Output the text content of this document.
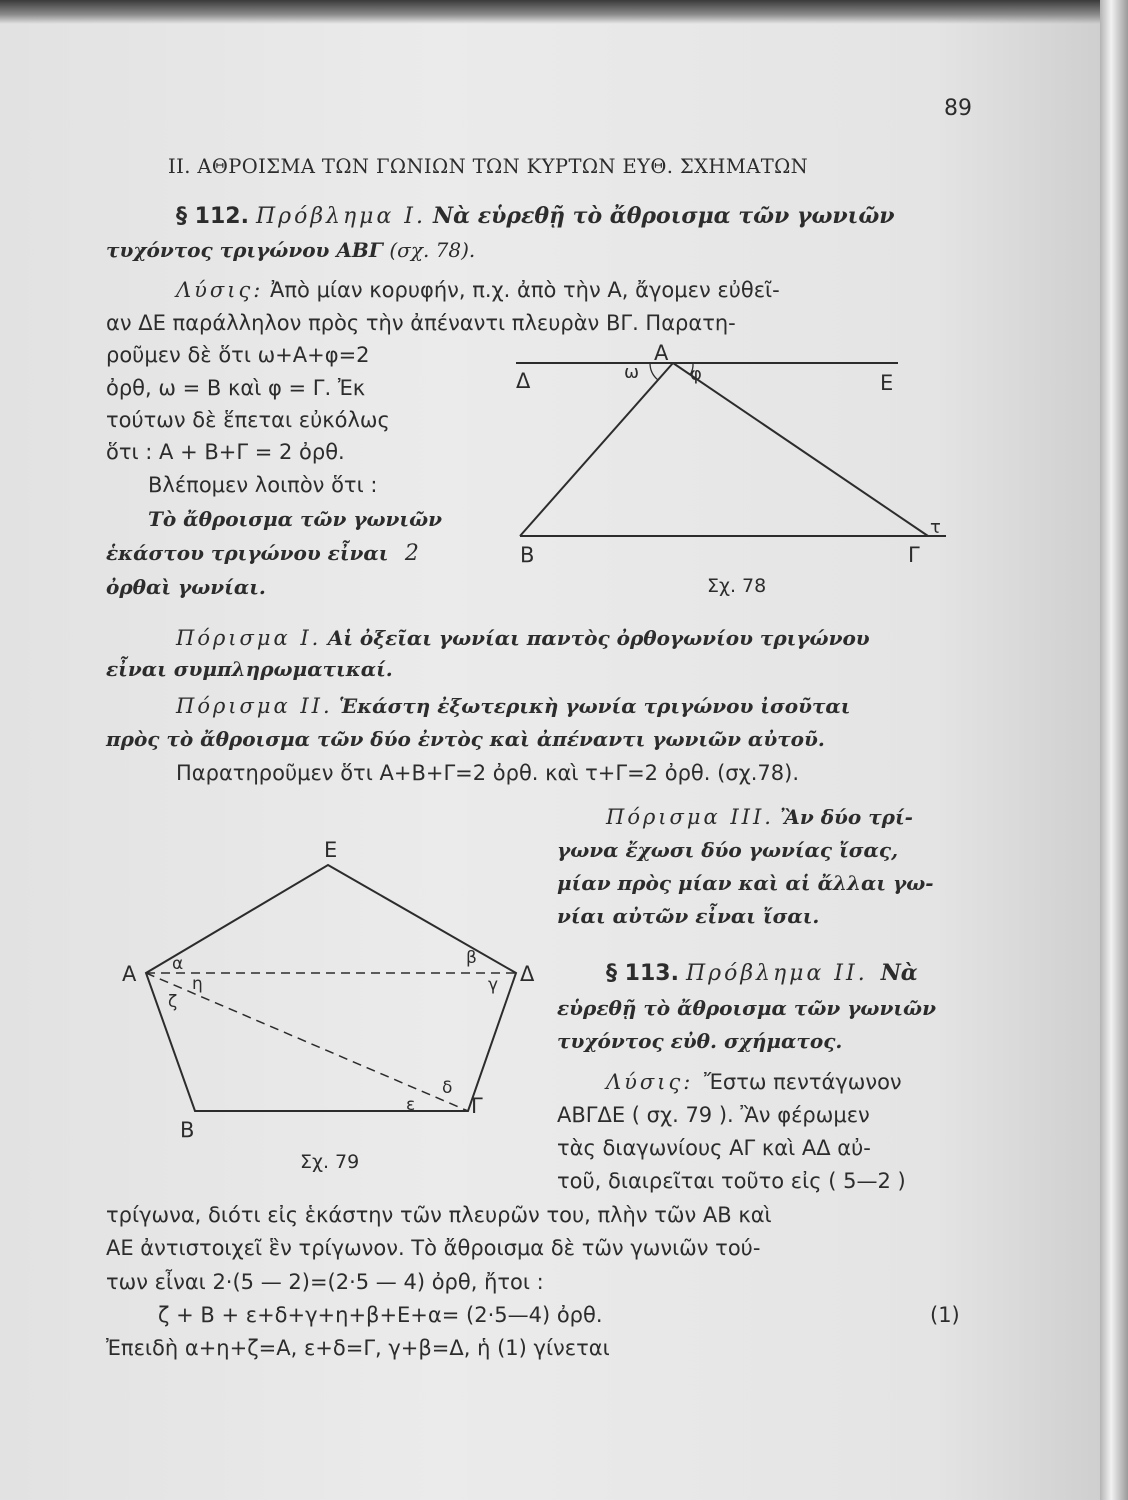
89
ΙΙ. ΑΘΡΟΙΣΜΑ ΤΩΝ ΓΩΝΙΩΝ ΤΩΝ ΚΥΡΤΩΝ ΕΥΘ. ΣΧΗΜΑΤΩΝ
§ 112. Πρόβλημα Ι. Νὰ εὑρεθῇ τὸ ἄθροισμα τῶν γωνιῶν
τυχόντος τριγώνου ΑΒΓ (σχ. 78).
Λύσις: Ἀπὸ μίαν κορυφήν, π.χ. ἀπὸ τὴν Α, ἄγομεν εὐθεῖ-
αν ΔΕ παράλληλον πρὸς τὴν ἀπέναντι πλευρὰν ΒΓ. Παρατη-
ροῦμεν δὲ ὅτι ω+Α+φ=2
ὀρθ, ω = Β καὶ φ = Γ. Ἐκ
τούτων δὲ ἕπεται εὐκόλως
ὅτι : Α + Β+Γ = 2 ὀρθ.
Βλέπομεν λοιπὸν ὅτι :
Τὸ ἄθροισμα τῶν γωνιῶν
ἑκάστου τριγώνου εἶναι 2
ὀρθαὶ γωνίαι.
Α
Δ	Ε
ω	φ
Β	Γ
τ
Σχ. 78
Πόρισμα Ι. Αἱ ὀξεῖαι γωνίαι παντὸς ὀρθογωνίου τριγώνου
εἶναι συμπληρωματικαί.
Πόρισμα ΙΙ. Ἑκάστη ἐξωτερικὴ γωνία τριγώνου ἰσοῦται
πρὸς τὸ ἄθροισμα τῶν δύο ἐντὸς καὶ ἀπέναντι γωνιῶν αὐτοῦ.
Παρατηροῦμεν ὅτι Α+Β+Γ=2 ὀρθ. καὶ τ+Γ=2 ὀρθ. (σχ.78).
Πόρισμα ΙΙΙ. Ἂν δύο τρί-
γωνα ἔχωσι δύο γωνίας ἴσας,
μίαν πρὸς μίαν καὶ αἱ ἄλλαι γω-
νίαι αὐτῶν εἶναι ἴσαι.
Ε
Α	Δ
Β
Γ
α
η
ζ
β
γ
ε
δ
Σχ. 79
§ 113. Πρόβλημα ΙΙ. Νὰ
εὑρεθῇ τὸ ἄθροισμα τῶν γωνιῶν
τυχόντος εὐθ. σχήματος.
Λύσις: Ἔστω πεντάγωνον
ΑΒΓΔΕ ( σχ. 79 ). Ἂν φέρωμεν
τὰς διαγωνίους ΑΓ καὶ ΑΔ αὐ-
τοῦ, διαιρεῖται τοῦτο εἰς ( 5—2 )
τρίγωνα, διότι εἰς ἑκάστην τῶν πλευρῶν του, πλὴν τῶν ΑΒ καὶ
ΑΕ ἀντιστοιχεῖ ἓν τρίγωνον. Τὸ ἄθροισμα δὲ τῶν γωνιῶν τού-
των εἶναι 2·(5 — 2)=(2·5 — 4) ὀρθ, ἤτοι :
ζ + Β + ε+δ+γ+η+β+Ε+α= (2·5—4) ὀρθ.	(1)
Ἐπειδὴ α+η+ζ=Α, ε+δ=Γ, γ+β=Δ, ἡ (1) γίνεται
